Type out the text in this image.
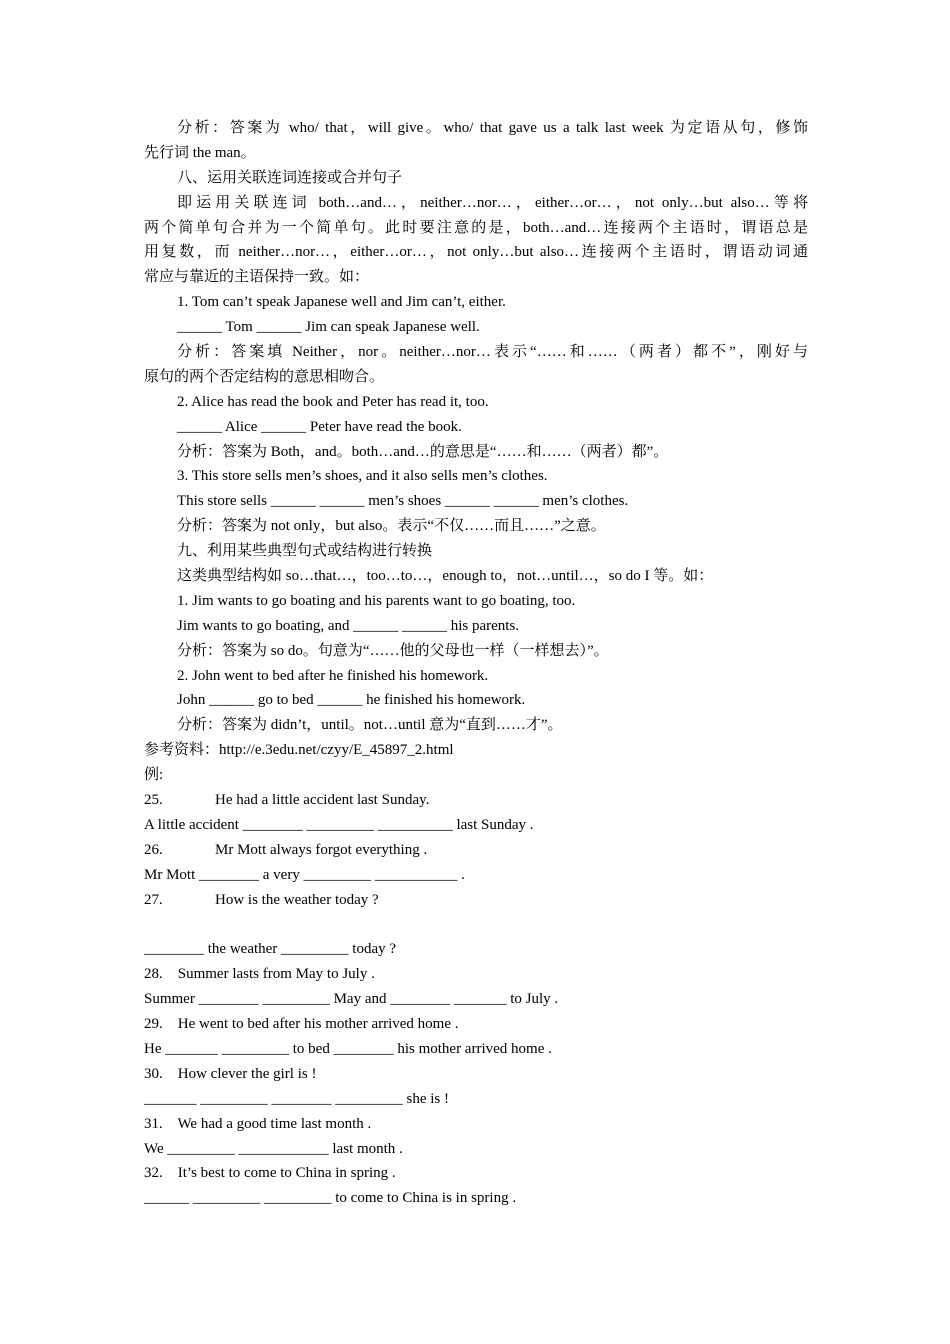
分析：答案为 who/ that，will give。who/ that gave us a talk last week 为定语从句，修饰
先行词 the man。
八、运用关联连词连接或合并句子
即运用关联连词 both…and…，neither…nor…，either…or…，not only…but also…等将
两个简单句合并为一个简单句。此时要注意的是，both…and…连接两个主语时，谓语总是
用复数，而 neither…nor…，either…or…，not only…but also…连接两个主语时，谓语动词通
常应与靠近的主语保持一致。如：
1. Tom can’t speak Japanese well and Jim can’t, either.
______ Tom ______ Jim can speak Japanese well.
分析：答案填 Neither，nor。neither…nor…表示“……和……（两者）都不”，刚好与
原句的两个否定结构的意思相吻合。
2. Alice has read the book and Peter has read it, too.
______ Alice ______ Peter have read the book.
分析：答案为 Both，and。both…and…的意思是“……和……（两者）都”。
3. This store sells men’s shoes, and it also sells men’s clothes.
This store sells ______ ______ men’s shoes ______ ______ men’s clothes.
分析：答案为 not only，but also。表示“不仅……而且……”之意。
九、利用某些典型句式或结构进行转换
这类典型结构如 so…that…，too…to…，enough to，not…until…，so do I 等。如：
1. Jim wants to go boating and his parents want to go boating, too.
Jim wants to go boating, and ______ ______ his parents.
分析：答案为 so do。句意为“……他的父母也一样（一样想去）”。
2. John went to bed after he finished his homework.
John ______ go to bed ______ he finished his homework.
分析：答案为 didn’t，until。not…until 意为“直到……才”。
参考资料：http://e.3edu.net/czyy/E_45897_2.html
例:
25.	He had a little accident last Sunday.
A little accident ________ _________ __________ last Sunday .
26.	Mr Mott always forgot everything .
Mr Mott ________ a very _________ ___________ .
27.	How is the weather today ?

________ the weather _________ today ?
28.    Summer lasts from May to July .
Summer ________ _________ May and ________ _______ to July .
29.    He went to bed after his mother arrived home .
He _______ _________ to bed ________ his mother arrived home .
30.    How clever the girl is !
_______ _________ ________ _________ she is !
31.    We had a good time last month .
We _________ ____________ last month .
32.    It’s best to come to China in spring .
______ _________ _________ to come to China is in spring .
